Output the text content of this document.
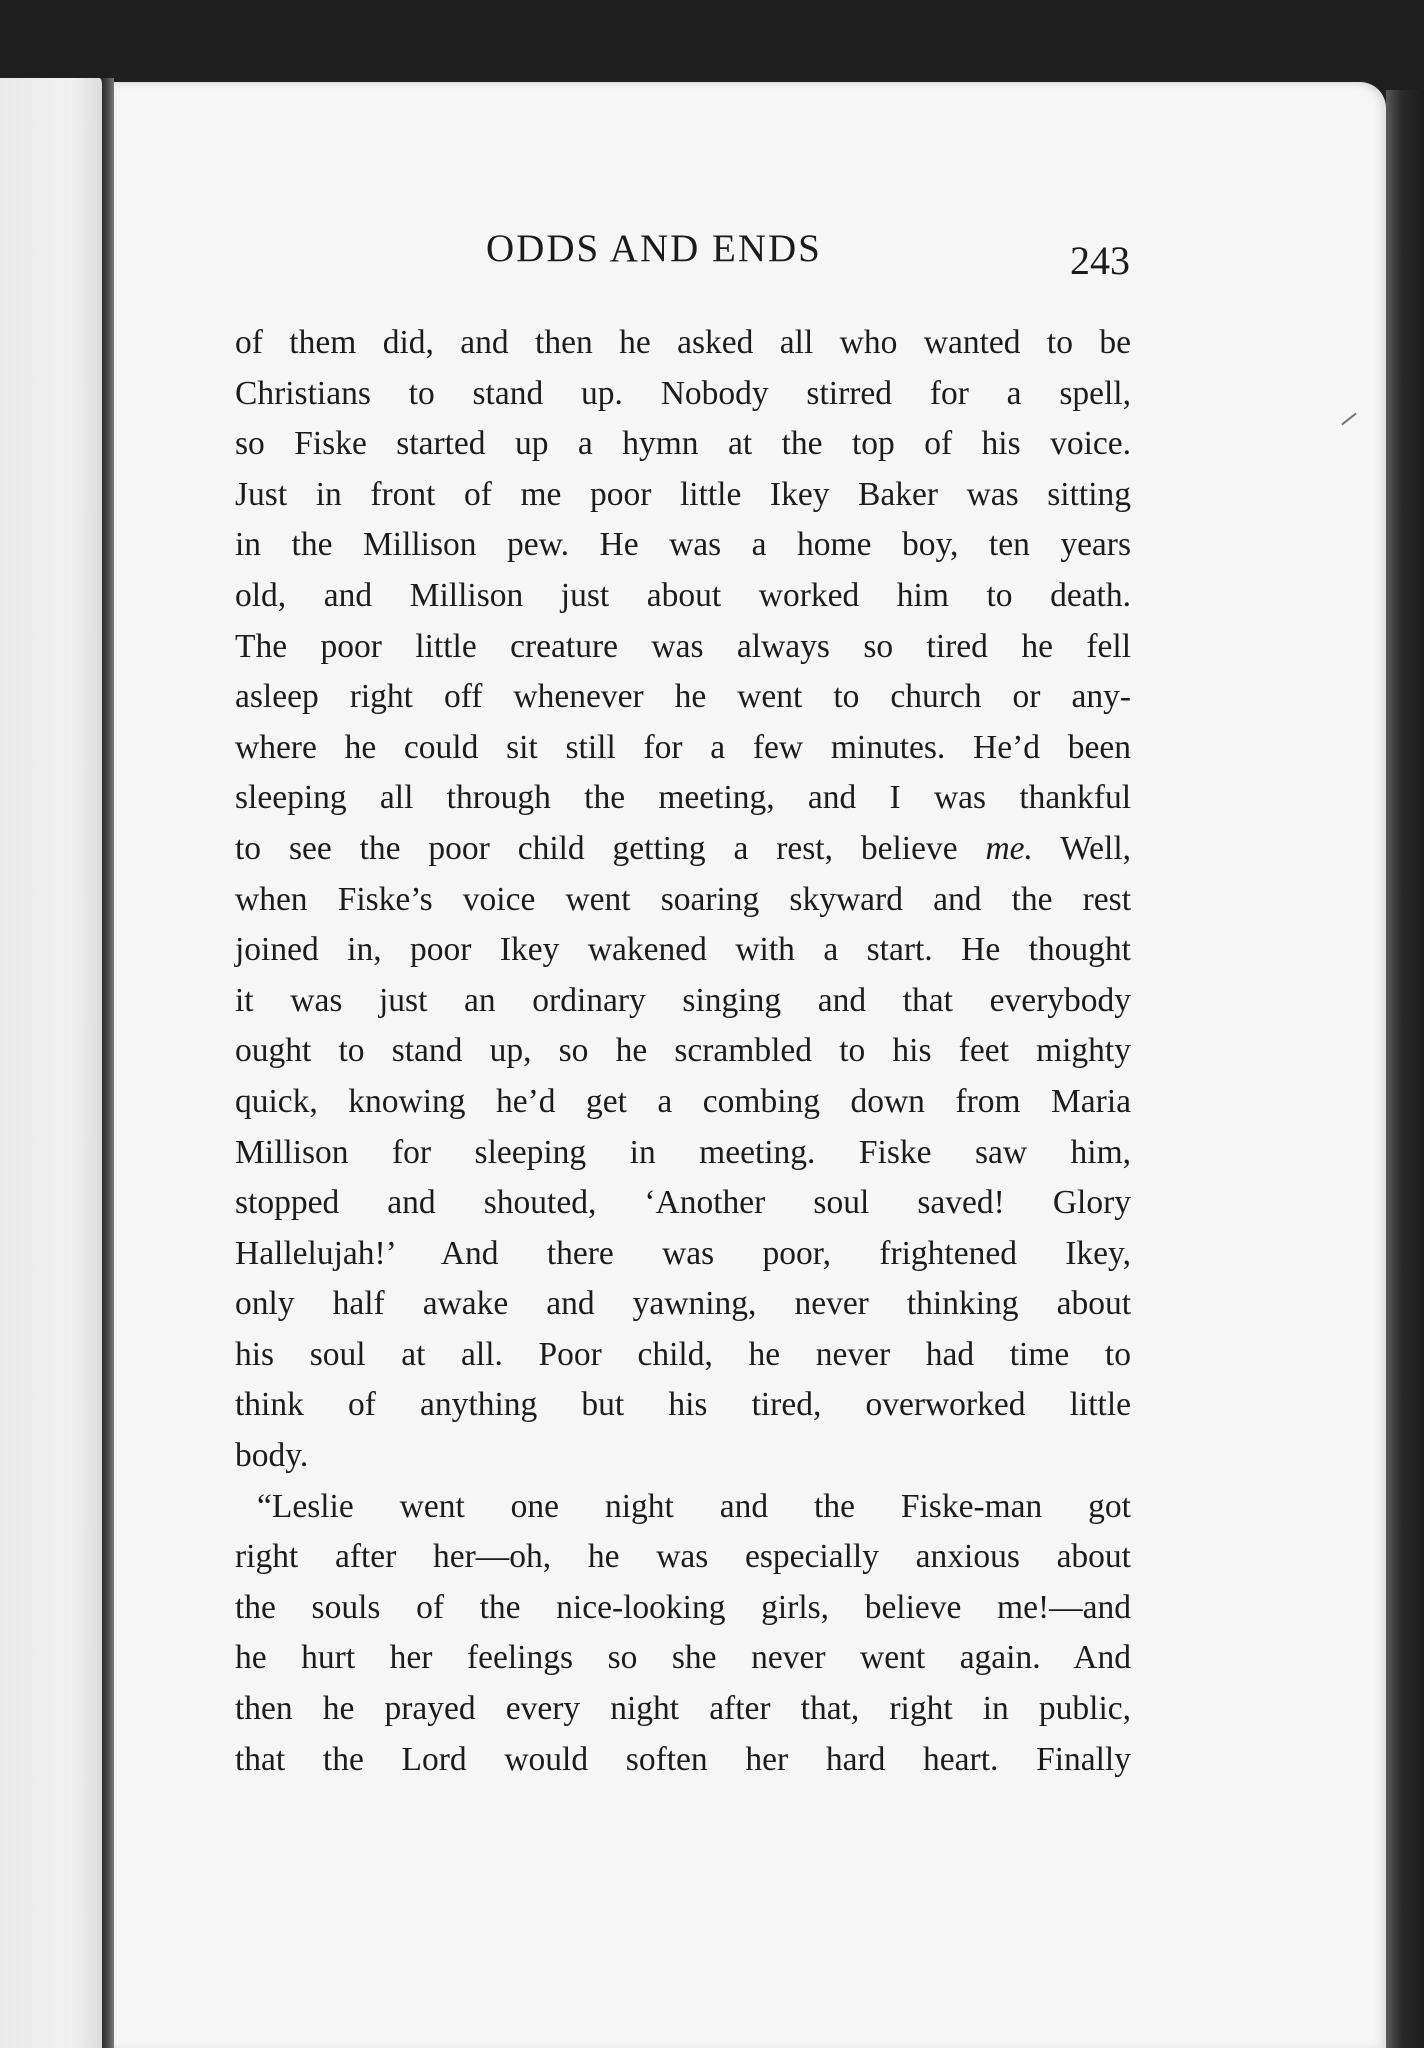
ODDS AND ENDS	243
of them did, and then he asked all who wanted to be
Christians to stand up. Nobody stirred for a spell,
so Fiske started up a hymn at the top of his voice.
Just in front of me poor little Ikey Baker was sitting
in the Millison pew. He was a home boy, ten years
old, and Millison just about worked him to death.
The poor little creature was always so tired he fell
asleep right off whenever he went to church or any-
where he could sit still for a few minutes. He’d been
sleeping all through the meeting, and I was thankful
to see the poor child getting a rest, believe me. Well,
when Fiske’s voice went soaring skyward and the rest
joined in, poor Ikey wakened with a start. He thought
it was just an ordinary singing and that everybody
ought to stand up, so he scrambled to his feet mighty
quick, knowing he’d get a combing down from Maria
Millison for sleeping in meeting. Fiske saw him,
stopped and shouted, ‘Another soul saved! Glory
Hallelujah!’ And there was poor, frightened Ikey,
only half awake and yawning, never thinking about
his soul at all. Poor child, he never had time to
think of anything but his tired, overworked little
body.
“Leslie went one night and the Fiske-man got
right after her—oh, he was especially anxious about
the souls of the nice-looking girls, believe me!—and
he hurt her feelings so she never went again. And
then he prayed every night after that, right in public,
that the Lord would soften her hard heart. Finally
